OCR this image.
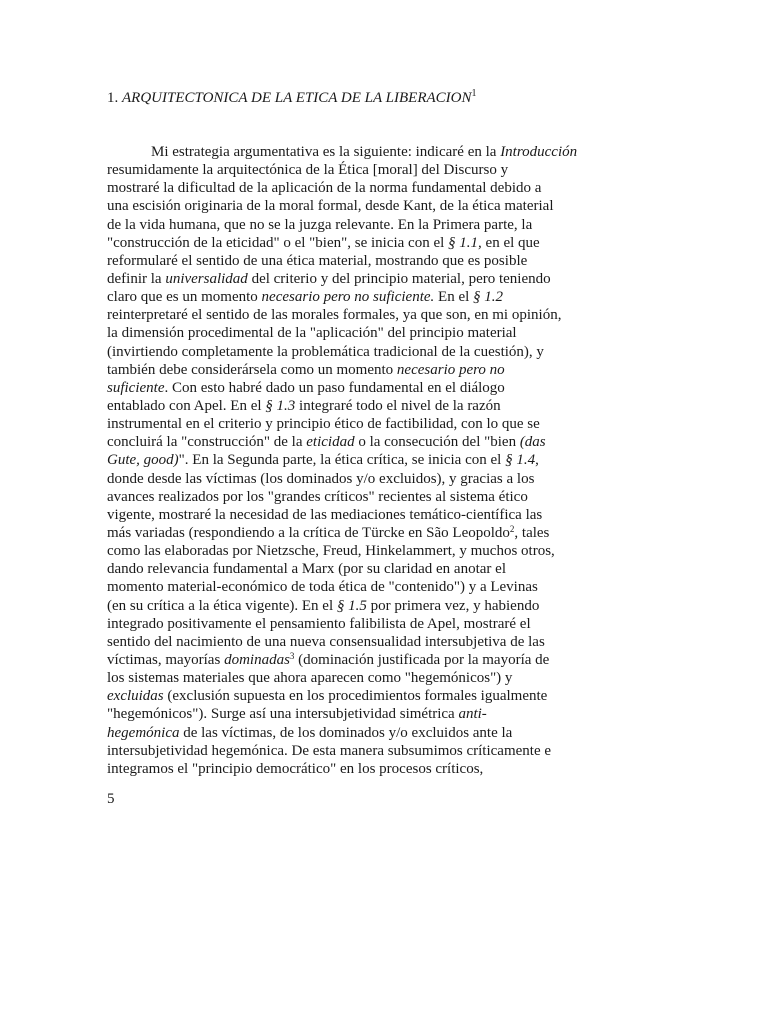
1. ARQUITECTONICA DE LA ETICA DE LA LIBERACION$^1$
Mi estrategia argumentativa es la siguiente: indicaré en la Introducción
resumidamente la arquitectónica de la Ética [moral] del Discurso y
mostraré la dificultad de la aplicación de la norma fundamental debido a
una escisión originaria de la moral formal, desde Kant, de la ética material
de la vida humana, que no se la juzga relevante. En la Primera parte, la
"construcción de la eticidad" o el "bien", se inicia con el § 1.1, en el que
reformularé el sentido de una ética material, mostrando que es posible
definir la universalidad del criterio y del principio material, pero teniendo
claro que es un momento necesario pero no suficiente. En el § 1.2
reinterpretaré el sentido de las morales formales, ya que son, en mi opinión,
la dimensión procedimental de la "aplicación" del principio material
(invirtiendo completamente la problemática tradicional de la cuestión), y
también debe considerársela como un momento necesario pero no
suficiente. Con esto habré dado un paso fundamental en el diálogo
entablado con Apel. En el § 1.3 integraré todo el nivel de la razón
instrumental en el criterio y principio ético de factibilidad, con lo que se
concluirá la "construcción" de la eticidad o la consecución del "bien (das
Gute, good)". En la Segunda parte, la ética crítica, se inicia con el § 1.4,
donde desde las víctimas (los dominados y/o excluidos), y gracias a los
avances realizados por los "grandes críticos" recientes al sistema ético
vigente, mostraré la necesidad de las mediaciones temático-científica las
más variadas (respondiendo a la crítica de Türcke en São Leopoldo$^2$, tales
como las elaboradas por Nietzsche, Freud, Hinkelammert, y muchos otros,
dando relevancia fundamental a Marx (por su claridad en anotar el
momento material-económico de toda ética de "contenido") y a Levinas
(en su crítica a la ética vigente). En el § 1.5 por primera vez, y habiendo
integrado positivamente el pensamiento falibilista de Apel, mostraré el
sentido del nacimiento de una nueva consensualidad intersubjetiva de las
víctimas, mayorías dominadas$^3$ (dominación justificada por la mayoría de
los sistemas materiales que ahora aparecen como "hegemónicos") y
excluidas (exclusión supuesta en los procedimientos formales igualmente
"hegemónicos"). Surge así una intersubjetividad simétrica anti-
hegemónica de las víctimas, de los dominados y/o excluidos ante la
intersubjetividad hegemónica. De esta manera subsumimos críticamente e
integramos el "principio democrático" en los procesos críticos,
5
